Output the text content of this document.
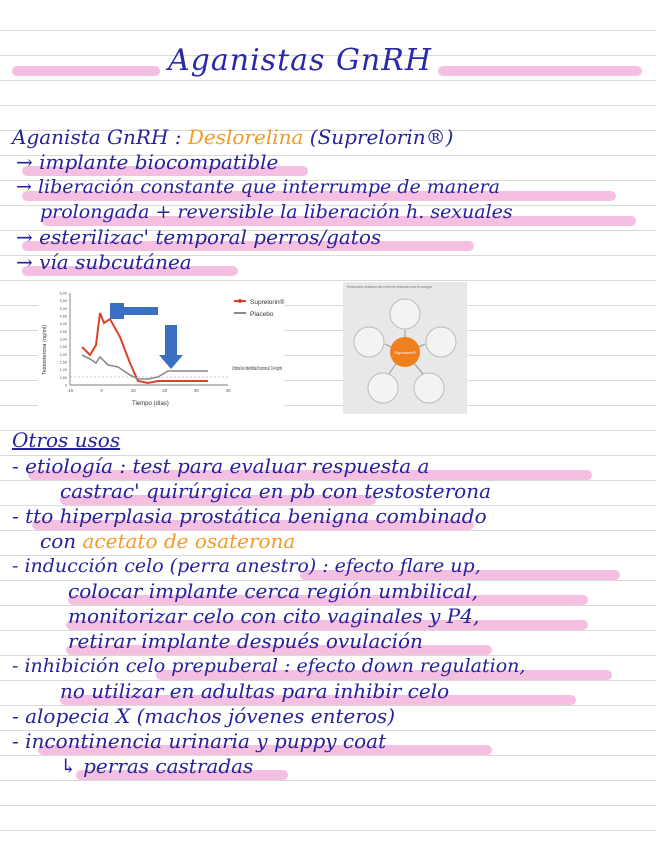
Aganistas GnRH
Aganista GnRH : Deslorelina (Suprelorin®)
→ implante biocompatible
→ liberación constante que interrumpe de manera
prolongada + reversible la liberación h. sexuales
→ esterilizac' temporal perros/gatos
→ vía subcutánea
0
0,50
1,00
1,50
2,00
2,50
3,00
3,50
4,00
4,50
5,00
5,50
6,00
-10	0	10	20	30	40
Suprelorin®
Placebo
Testosterona (ng/ml)
Tiempo (días)
Umbral de infertilidad funcional: 0,4 ng/ml
Reducción drástica del nivel de testosterona en sangre
Suprelorin®
Otros usos
- etiología : test para evaluar respuesta a
castrac' quirúrgica en pb con testosterona
- tto hiperplasia prostática benigna combinado
con acetato de osaterona
- inducción celo (perra anestro) : efecto flare up,
colocar implante cerca región umbilical,
monitorizar celo con cito vaginales y P4,
retirar implante después ovulación
- inhibición celo prepuberal : efecto down regulation,
no utilizar en adultas para inhibir celo
- alopecia X (machos jóvenes enteros)
- incontinencia urinaria y puppy coat
↳ perras castradas
